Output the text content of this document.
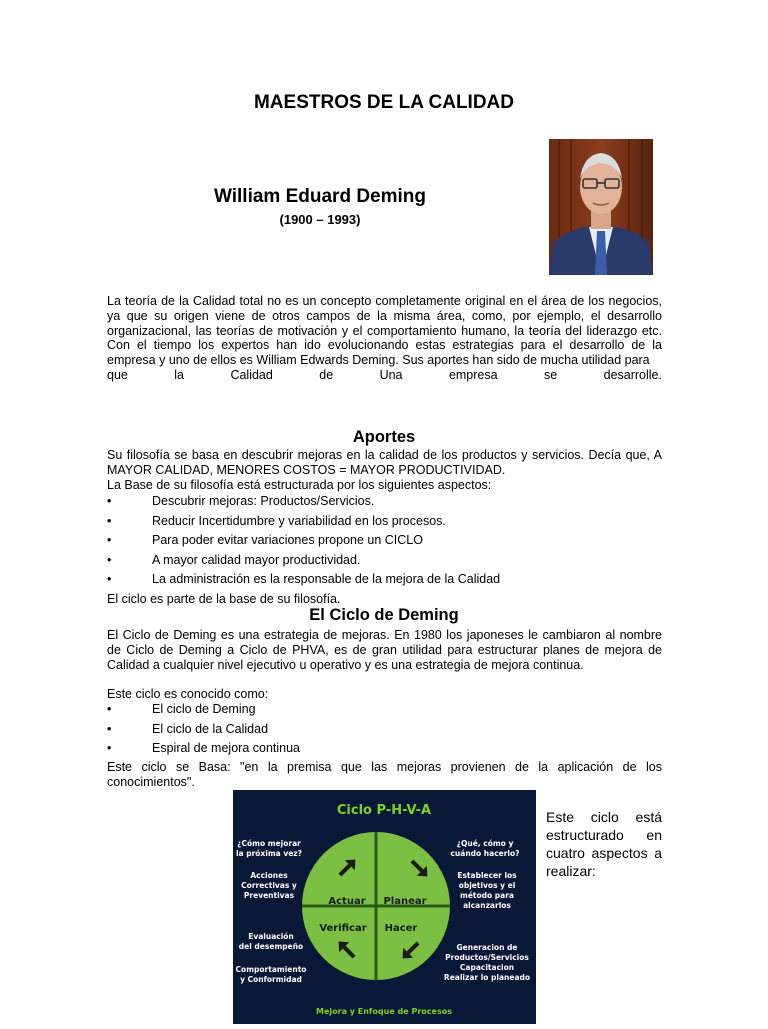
MAESTROS DE LA CALIDAD
William Eduard Deming
(1900 – 1993)
La teoría de la Calidad total no es un concepto completamente original en el área de los negocios, ya que su origen viene de otros campos de la misma área, como, por ejemplo, el desarrollo organizacional, las teorías de motivación y el comportamiento humano, la teoría del liderazgo etc. Con el tiempo los expertos han ido evolucionando estas estrategias para el desarrollo de la empresa y uno de ellos es William Edwards Deming. Sus aportes han sido de mucha utilidad para
que	la	Calidad	de	Una	empresa	se	desarrolle.
Aportes
Su filosofía se basa en descubrir mejoras en la calidad de los productos y servicios. Decía que, A MAYOR CALIDAD, MENORES COSTOS = MAYOR PRODUCTIVIDAD.
La Base de su filosofía está estructurada por los siguientes aspectos:
•	Descubrir mejoras: Productos/Servicios.
•	Reducir Incertidumbre y variabilidad en los procesos.
•	Para poder evitar variaciones propone un CICLO
•	A mayor calidad mayor productividad.
•	La administración es la responsable de la mejora de la Calidad
El ciclo es parte de la base de su filosofía.
El Ciclo de Deming
El Ciclo de Deming es una estrategia de mejoras. En 1980 los japoneses le cambiaron al nombre de Ciclo de Deming a Ciclo de PHVA, es de gran utilidad para estructurar planes de mejora de Calidad a cualquier nivel ejecutivo u operativo y es una estrategia de mejora continua.
Este ciclo es conocido como:
•	El ciclo de Deming
•	El ciclo de la Calidad
•	Espiral de mejora continua
Este ciclo se Basa: "en la premisa que las mejoras provienen de la aplicación de los conocimientos".
Ciclo P-H-V-A
Actuar Planear
Verificar Hacer
¿Cómo mejorar
la próxima vez?
¿Qué, cómo y
cuándo hacerlo?
Acciones
Correctivas y
Preventivas
Establecer los
objetivos y el
método para
alcanzarlos
Evaluación
del desempeño
Comportamiento
y Conformidad
Generacion de
Productos/Servicios
Capacitacion
Realizar lo planeado
Mejora y Enfoque de Procesos
Este ciclo está estructurado en cuatro aspectos a realizar:
